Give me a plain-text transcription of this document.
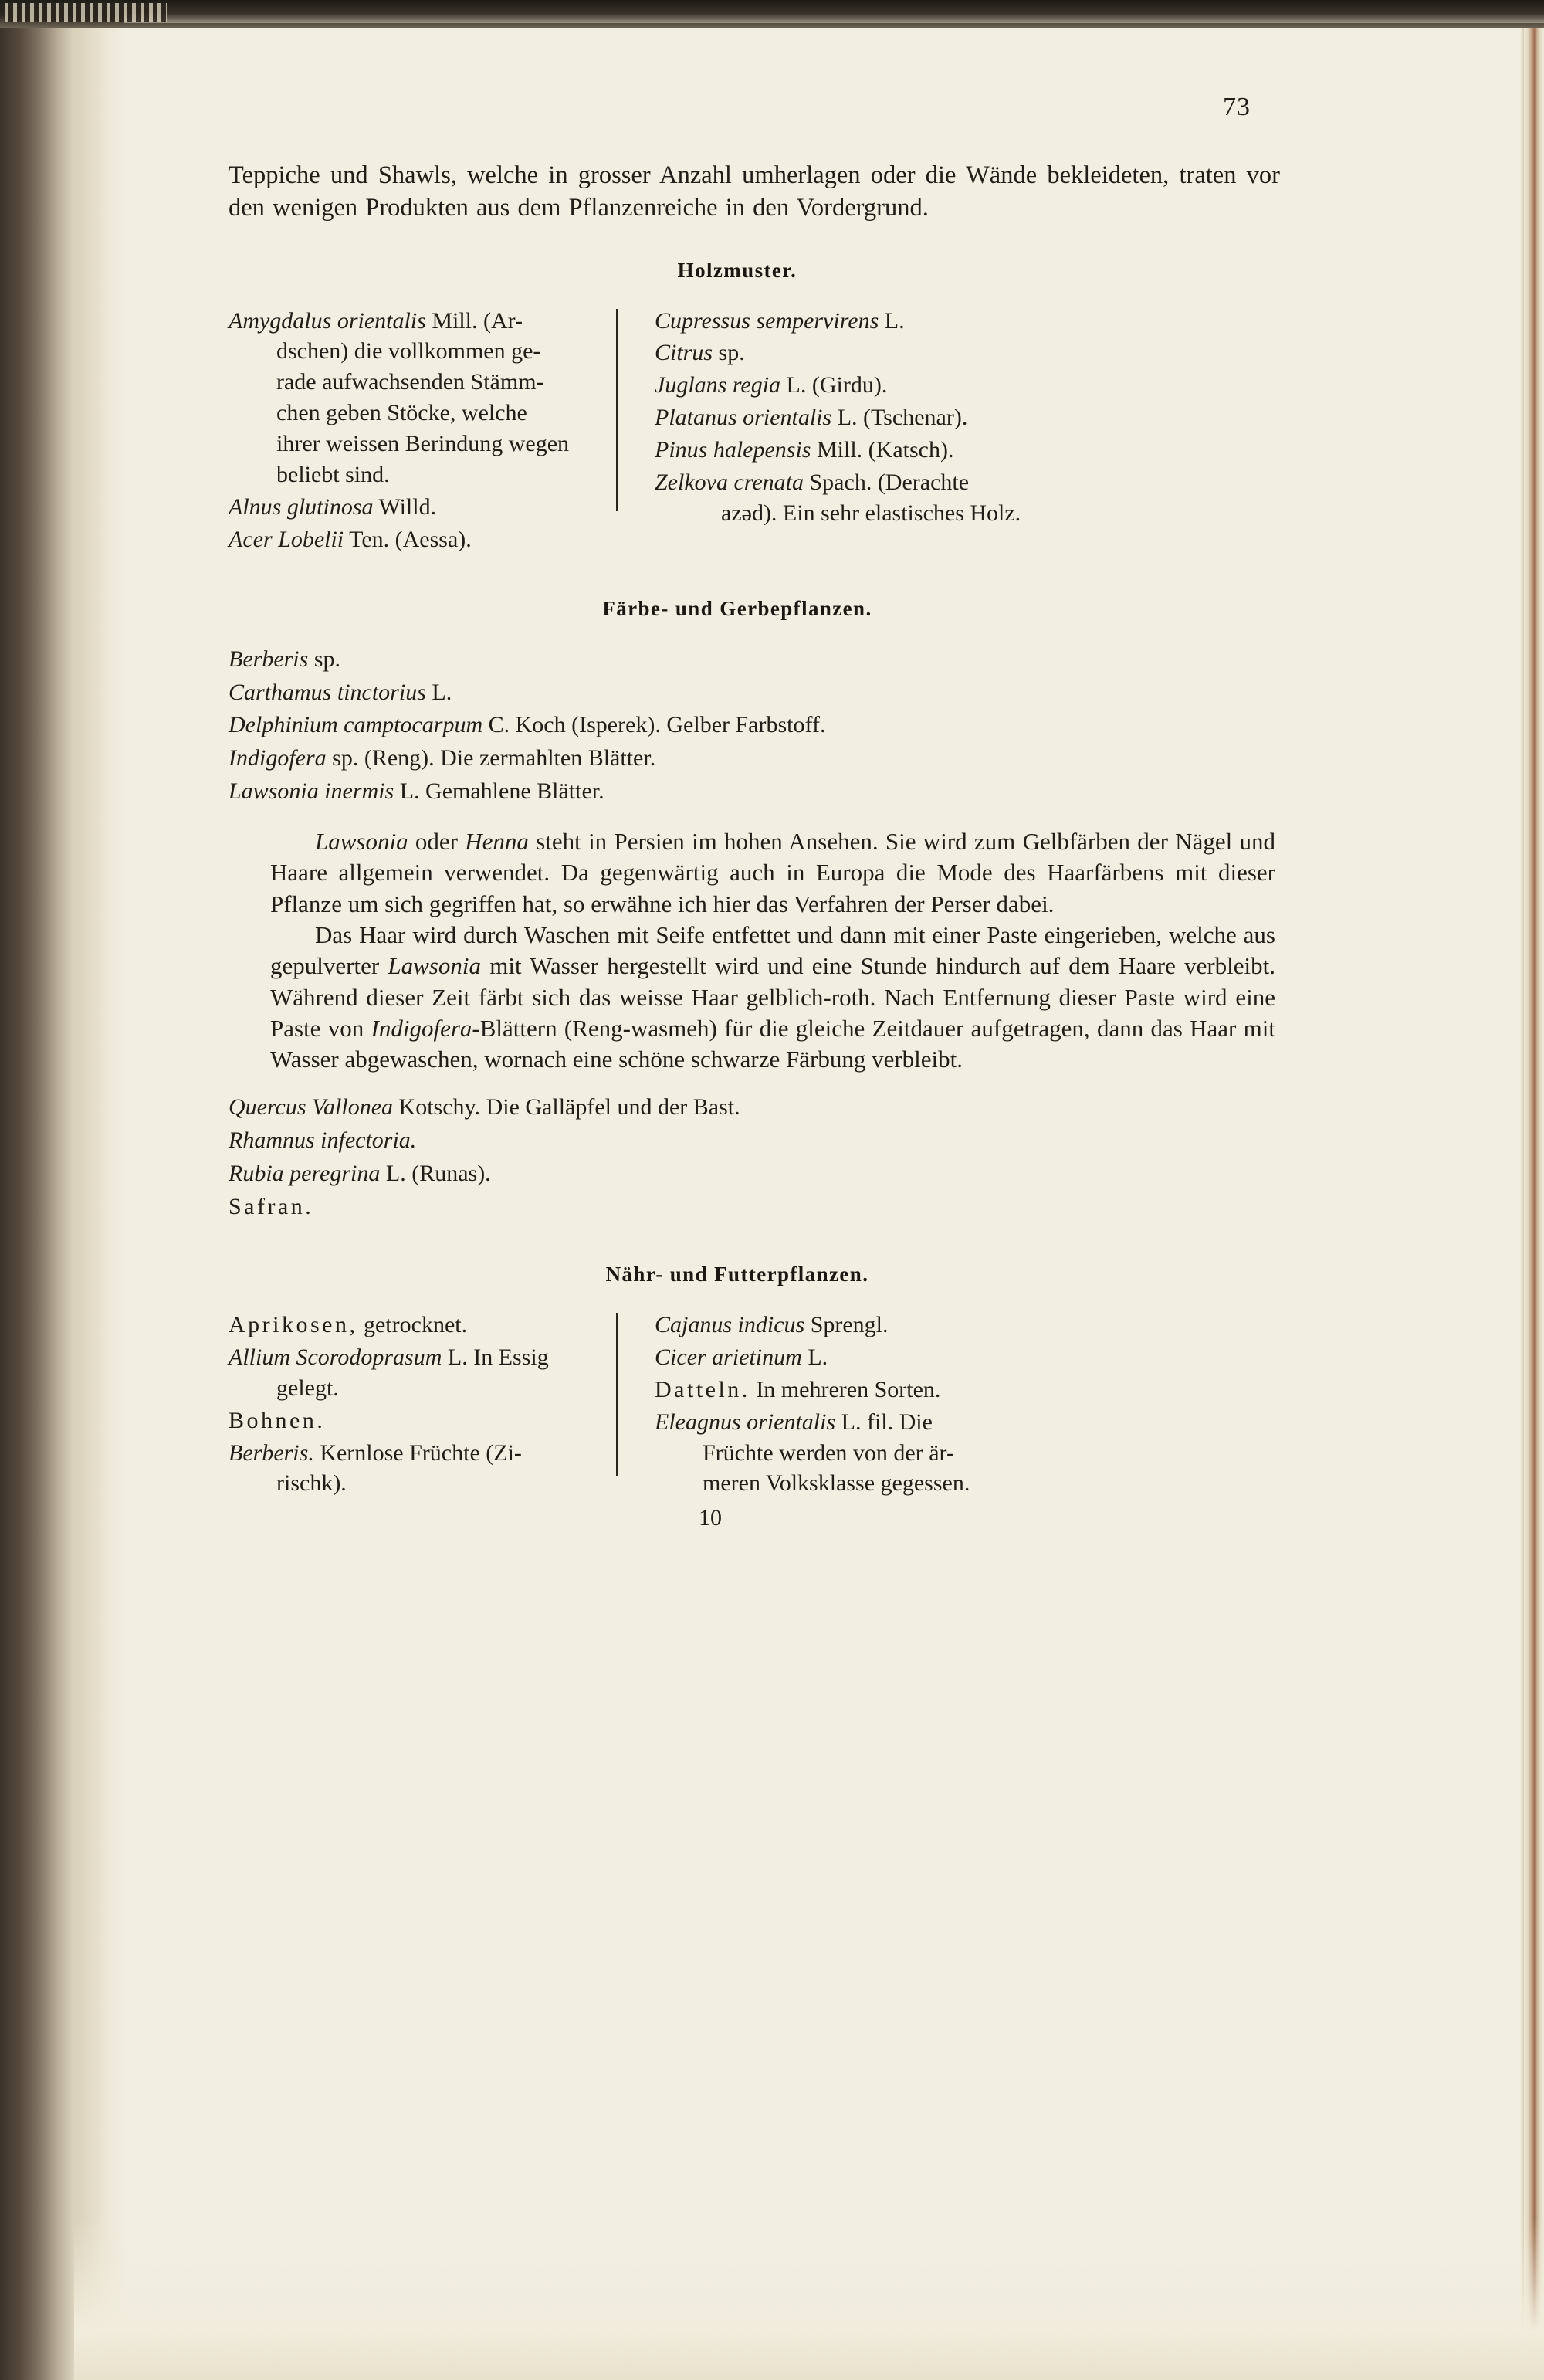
73

Teppiche und Shawls, welche in grosser Anzahl umherlagen oder die Wände bekleideten, traten vor den wenigen Produkten aus dem Pflanzenreiche in den Vordergrund.

Holzmuster.
Amygdalus orientalis Mill. (Ar-
dschen) die vollkommen ge-
rade aufwachsenden Stämm-
chen geben Stöcke, welche
ihrer weissen Berindung wegen
beliebt sind.
Alnus glutinosa Willd.
Acer Lobelii Ten. (Aessa).
Cupressus sempervirens L.
Citrus sp.
Juglans regia L. (Girdu).
Platanus orientalis L. (Tschenar).
Pinus halepensis Mill. (Katsch).
Zelkova crenata Spach. (Derachte
azəd). Ein sehr elastisches Holz.
Färbe- und Gerbepflanzen.
Berberis sp.
Carthamus tinctorius L.
Delphinium camptocarpum C. Koch (Isperek). Gelber Farbstoff.
Indigofera sp. (Reng). Die zermahlten Blätter.
Lawsonia inermis L. Gemahlene Blätter.

Lawsonia oder Henna steht in Persien im hohen Ansehen. Sie wird zum Gelbfärben der Nägel und Haare allgemein verwendet. Da gegenwärtig auch in Europa die Mode des Haarfärbens mit dieser Pflanze um sich gegriffen hat, so erwähne ich hier das Verfahren der Perser dabei.

Das Haar wird durch Waschen mit Seife entfettet und dann mit einer Paste eingerieben, welche aus gepulverter Lawsonia mit Wasser hergestellt wird und eine Stunde hindurch auf dem Haare verbleibt. Während dieser Zeit färbt sich das weisse Haar gelblich-roth. Nach Entfernung dieser Paste wird eine Paste von Indigofera-Blättern (Reng-wasmeh) für die gleiche Zeitdauer aufgetragen, dann das Haar mit Wasser abgewaschen, wornach eine schöne schwarze Färbung verbleibt.

Quercus Vallonea Kotschy. Die Galläpfel und der Bast.
Rhamnus infectoria.
Rubia peregrina L. (Runas).
Safran.
Nähr- und Futterpflanzen.
Aprikosen, getrocknet.
Allium Scorodoprasum L. In Essig
gelegt.
Bohnen.
Berberis. Kernlose Früchte (Zi-
rischk).
Cajanus indicus Sprengl.
Cicer arietinum L.
Datteln. In mehreren Sorten.
Eleagnus orientalis L. fil. Die
Früchte werden von der är-
meren Volksklasse gegessen.
10
